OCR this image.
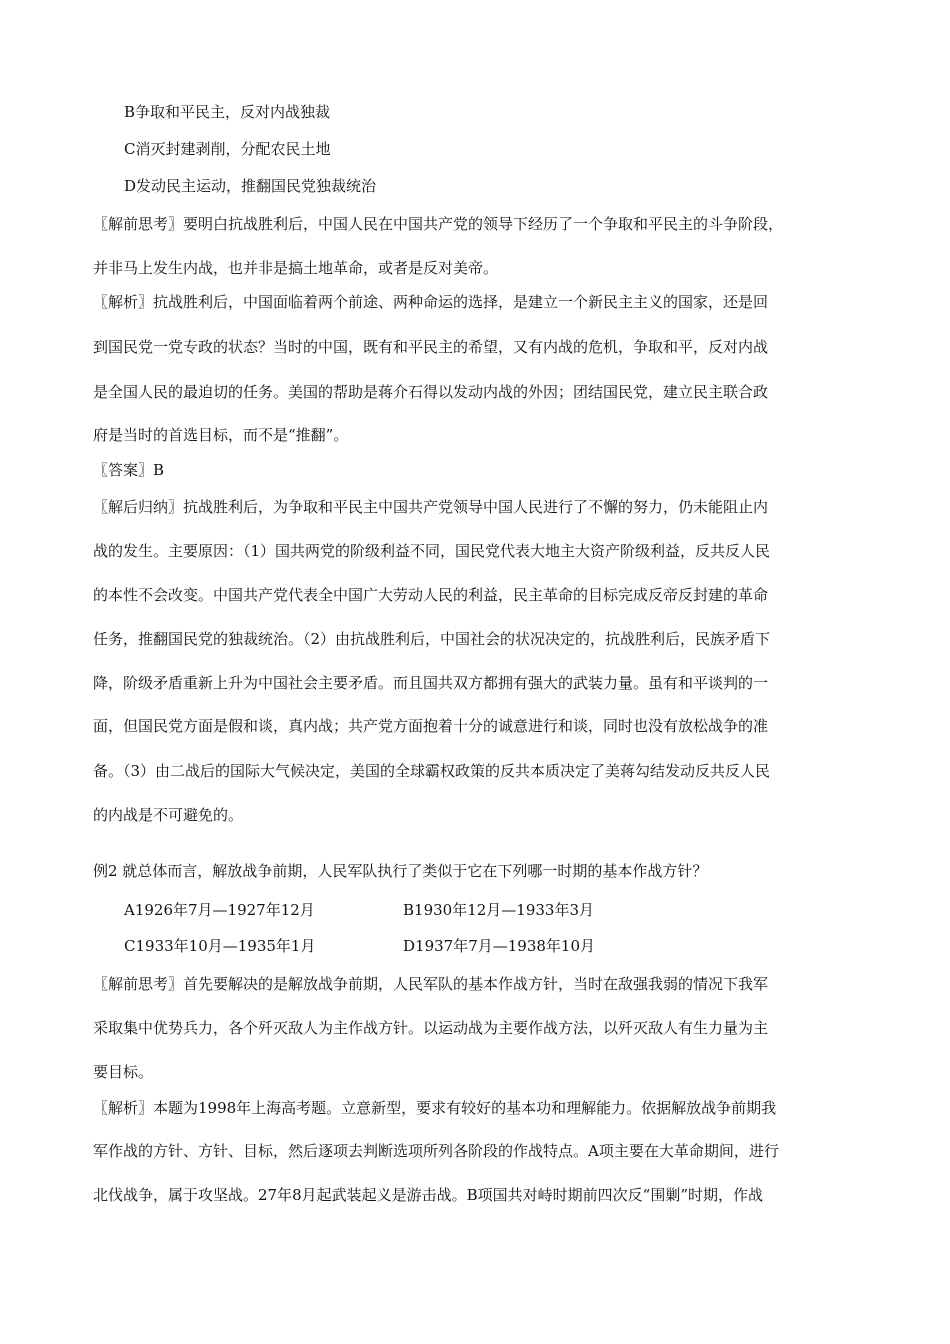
B争取和平民主，反对内战独裁
C消灭封建剥削，分配农民土地
D发动民主运动，推翻国民党独裁统治
〖解前思考〗要明白抗战胜利后，中国人民在中国共产党的领导下经历了一个争取和平民主的斗争阶段，
并非马上发生内战，也并非是搞土地革命，或者是反对美帝。
〖解析〗抗战胜利后，中国面临着两个前途、两种命运的选择，是建立一个新民主主义的国家，还是回
到国民党一党专政的状态？当时的中国，既有和平民主的希望，又有内战的危机，争取和平，反对内战
是全国人民的最迫切的任务。美国的帮助是蒋介石得以发动内战的外因；团结国民党，建立民主联合政
府是当时的首选目标，而不是“推翻”。
〖答案〗B
〖解后归纳〗抗战胜利后，为争取和平民主中国共产党领导中国人民进行了不懈的努力，仍未能阻止内
战的发生。主要原因：（1）国共两党的阶级利益不同，国民党代表大地主大资产阶级利益，反共反人民
的本性不会改变。中国共产党代表全中国广大劳动人民的利益，民主革命的目标完成反帝反封建的革命
任务，推翻国民党的独裁统治。（2）由抗战胜利后，中国社会的状况决定的，抗战胜利后，民族矛盾下
降，阶级矛盾重新上升为中国社会主要矛盾。而且国共双方都拥有强大的武装力量。虽有和平谈判的一
面，但国民党方面是假和谈，真内战；共产党方面抱着十分的诚意进行和谈，同时也没有放松战争的准
备。（3）由二战后的国际大气候决定，美国的全球霸权政策的反共本质决定了美蒋勾结发动反共反人民
的内战是不可避免的。
例2 就总体而言，解放战争前期，人民军队执行了类似于它在下列哪一时期的基本作战方针？
A1926年7月—1927年12月	B1930年12月—1933年3月
C1933年10月—1935年1月	D1937年7月—1938年10月
〖解前思考〗首先要解决的是解放战争前期，人民军队的基本作战方针，当时在敌强我弱的情况下我军
采取集中优势兵力，各个歼灭敌人为主作战方针。以运动战为主要作战方法，以歼灭敌人有生力量为主
要目标。
〖解析〗本题为1998年上海高考题。立意新型，要求有较好的基本功和理解能力。依据解放战争前期我
军作战的方针、方针、目标，然后逐项去判断选项所列各阶段的作战特点。A项主要在大革命期间，进行
北伐战争，属于攻坚战。27年8月起武装起义是游击战。B项国共对峙时期前四次反“围剿”时期，作战
